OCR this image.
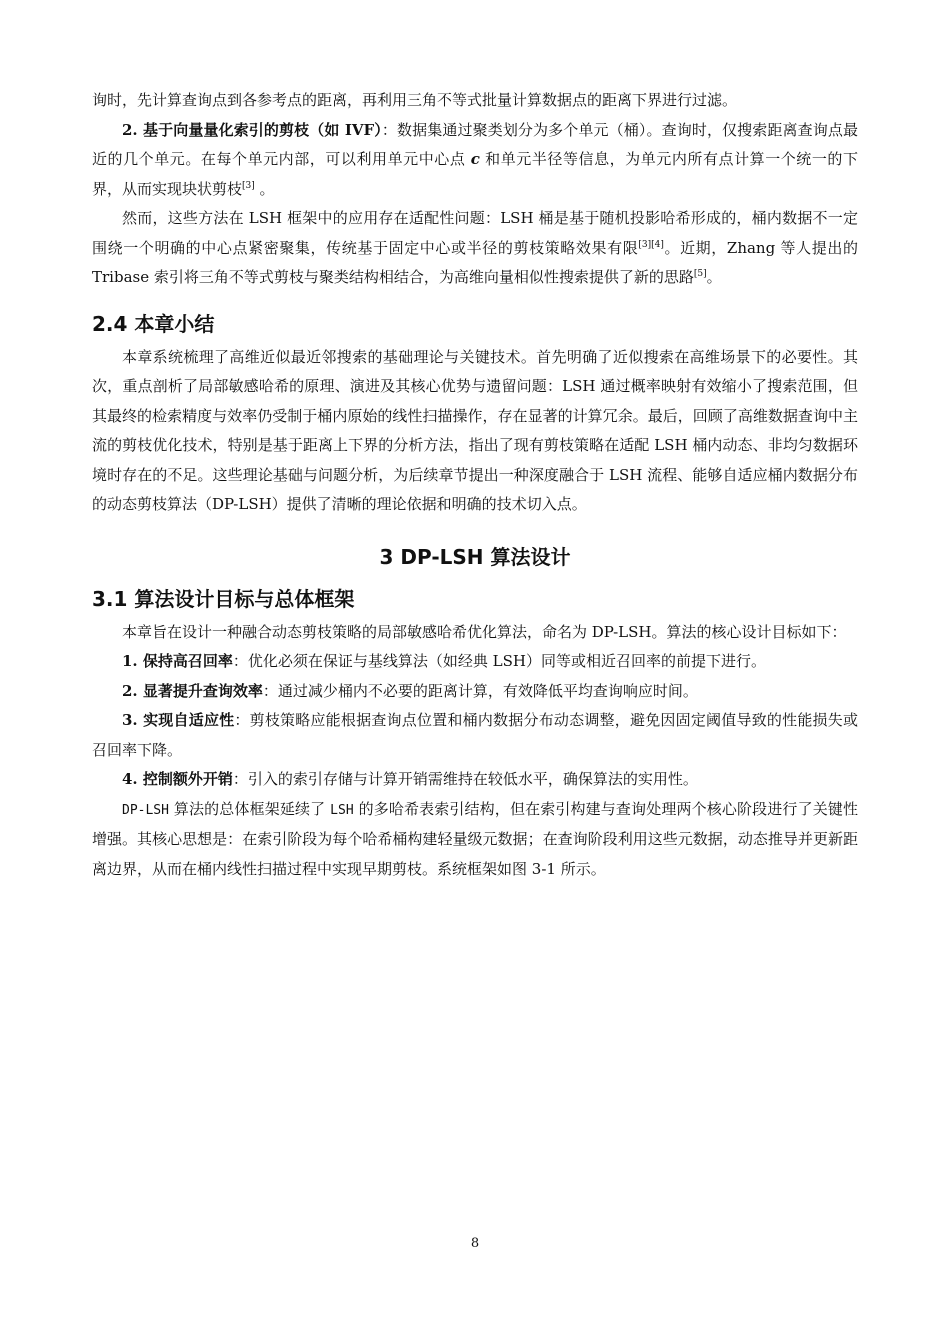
询时，先计算查询点到各参考点的距离，再利用三角不等式批量计算数据点的距离下界进行过滤。

2. 基于向量量化索引的剪枝（如 IVF）：数据集通过聚类划分为多个单元（桶）。查询时，仅搜索距离查询点最近的几个单元。在每个单元内部，可以利用单元中心点 c 和单元半径等信息，为单元内所有点计算一个统一的下界，从而实现块状剪枝[3] 。

然而，这些方法在 LSH 框架中的应用存在适配性问题：LSH 桶是基于随机投影哈希形成的，桶内数据不一定围绕一个明确的中心点紧密聚集，传统基于固定中心或半径的剪枝策略效果有限[3][4]。近期，Zhang 等人提出的 Tribase 索引将三角不等式剪枝与聚类结构相结合，为高维向量相似性搜索提供了新的思路[5]。

2.4 本章小结

本章系统梳理了高维近似最近邻搜索的基础理论与关键技术。首先明确了近似搜索在高维场景下的必要性。其次，重点剖析了局部敏感哈希的原理、演进及其核心优势与遗留问题：LSH 通过概率映射有效缩小了搜索范围，但其最终的检索精度与效率仍受制于桶内原始的线性扫描操作，存在显著的计算冗余。最后，回顾了高维数据查询中主流的剪枝优化技术，特别是基于距离上下界的分析方法，指出了现有剪枝策略在适配 LSH 桶内动态、非均匀数据环境时存在的不足。这些理论基础与问题分析，为后续章节提出一种深度融合于 LSH 流程、能够自适应桶内数据分布的动态剪枝算法（DP-LSH）提供了清晰的理论依据和明确的技术切入点。

3 DP-LSH 算法设计
3.1 算法设计目标与总体框架

本章旨在设计一种融合动态剪枝策略的局部敏感哈希优化算法，命名为 DP-LSH。算法的核心设计目标如下：

1. 保持高召回率：优化必须在保证与基线算法（如经典 LSH）同等或相近召回率的前提下进行。

2. 显著提升查询效率：通过减少桶内不必要的距离计算，有效降低平均查询响应时间。

3. 实现自适应性：剪枝策略应能根据查询点位置和桶内数据分布动态调整，避免因固定阈值导致的性能损失或召回率下降。

4. 控制额外开销：引入的索引存储与计算开销需维持在较低水平，确保算法的实用性。

DP-LSH 算法的总体框架延续了 LSH 的多哈希表索引结构，但在索引构建与查询处理两个核心阶段进行了关键性增强。其核心思想是：在索引阶段为每个哈希桶构建轻量级元数据；在查询阶段利用这些元数据，动态推导并更新距离边界，从而在桶内线性扫描过程中实现早期剪枝。系统框架如图 3-1 所示。

8
